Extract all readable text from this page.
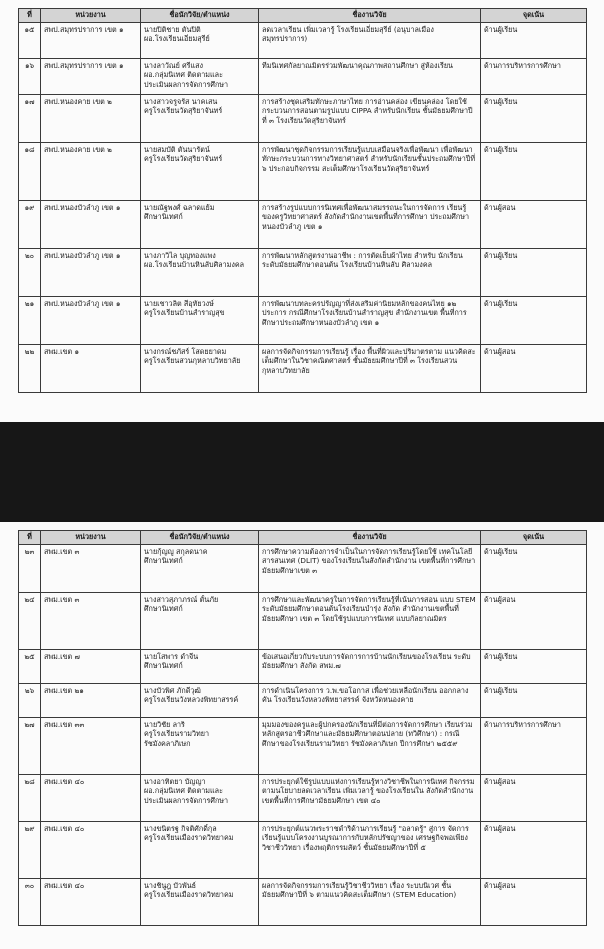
ที่	หน่วยงาน	ชื่อนักวิจัย/ตำแหน่ง	ชื่องานวิจัย	จุดเน้น
๑๕	สพป.สมุทรปราการ เขต ๑	นายปิติชาย ตันปิติ
ผอ.โรงเรียนเอี่ยมสุรีย์	ลดเวลาเรียน เพิ่มเวลารู้ โรงเรียนเอี่ยมสุรีย์ (อนุบาลเมืองสมุทรปราการ)	ด้านผู้เรียน
๑๖	สพป.สมุทรปราการ เขต ๑	นางลาวัณย์ ศรีแสง
ผอ.กลุ่มนิเทศ ติดตามและ
ประเมินผลการจัดการศึกษา	ทีมนิเทศกัลยาณมิตรร่วมพัฒนาคุณภาพสถานศึกษา สู่ห้องเรียน	ด้านการบริหารการศึกษา
๑๗	สพป.หนองคาย เขต ๒	นางสาวจรูจรัส นาคเสน
ครูโรงเรียนวัดสุริยาจันทร์	การสร้างชุดเสริมทักษะภาษาไทย การอ่านคล่อง เขียนคล่อง โดยใช้กระบวนการสอนตามรูปแบบ CIPPA สำหรับนักเรียน ชั้นมัธยมศึกษาปีที่ ๓ โรงเรียนวัดสุริยาจันทร์	ด้านผู้เรียน
๑๘	สพป.หนองคาย เขต ๒	นายสมบัติ ตันนารัตน์
ครูโรงเรียนวัดสุริยาจันทร์	การพัฒนาชุดกิจกรรมการเรียนรู้แบบเสมือนจริงเพื่อพัฒนา เพื่อพัฒนาทักษะกระบวนการทางวิทยาศาสตร์ สำหรับนักเรียนชั้นประถมศึกษาปีที่ ๖ ประกอบกิจกรรม สะเต็มศึกษาโรงเรียนวัดสุริยาจันทร์	ด้านผู้เรียน
๑๙	สพป.หนองบัวลำภู เขต ๑	นายณัฐพงศ์ ฉลาดแย้ม
ศึกษานิเทศก์	การสร้างรูปแบบการนิเทศเพื่อพัฒนาสมรรถนะในการจัดการ เรียนรู้ของครูวิทยาศาสตร์ สังกัดสำนักงานเขตพื้นที่การศึกษา ประถมศึกษาหนองบัวลำภู เขต ๑	ด้านผู้สอน
๒๐	สพป.หนองบัวลำภู เขต ๑	นางภาวิไล บุญทองแพง
ผอ.โรงเรียนบ้านหินลับศิลามงคล	การพัฒนาหลักสูตรงานอาชีพ : การตัดเย็บผ้าไทย สำหรับ นักเรียนระดับมัธยมศึกษาตอนต้น โรงเรียนบ้านหินลับ ศิลามงคล	ด้านผู้เรียน
๒๑	สพป.หนองบัวลำภู เขต ๑	นายเชาวลิต สีอุทัยวงษ์
ครูโรงเรียนบ้านสำราญสุข	การพัฒนาบทละครปรัญญาที่ส่งเสริมค่านิยมหลักของคนไทย ๑๒ ประการ กรณีศึกษาโรงเรียนบ้านสำราญสุข สำนักงานเขต พื้นที่การศึกษาประถมศึกษาหนองบัวลำภู เขต ๑	ด้านผู้เรียน
๒๒	สพม.เขต ๑	นางกรณ์ชภัสร์ โสดยยาดม
ครูโรงเรียนสวนกุหลาบวิทยาลัย	ผลการจัดกิจกรรมการเรียนรู้ เรื่อง พื้นที่ผิวและปริมาตรตาม แนวคิดสะเต็มศึกษาในวิชาคณิตศาสตร์ ชั้นมัธยมศึกษาปีที่ ๓ โรงเรียนสวนกุหลาบวิทยาลัย	ด้านผู้สอน
ที่	หน่วยงาน	ชื่อนักวิจัย/ตำแหน่ง	ชื่องานวิจัย	จุดเน้น
๒๓	สพม.เขต ๓	นายกุ้ญญู สกุลดนาค
ศึกษานิเทศก์	การศึกษาความต้องการจำเป็นในการจัดการเรียนรู้โดยใช้ เทคโนโลยีสารสนเทศ (DLIT) ของโรงเรียนในสังกัดสำนักงาน เขตพื้นที่การศึกษามัธยมศึกษาเขต ๓	ด้านผู้เรียน
๒๔	สพม.เขต ๓	นางสาวสุภาภรณ์ ตั้นภัย
ศึกษานิเทศก์	การศึกษาและพัฒนาครูในการจัดการเรียนรู้ที่เน้นการสอน แบบ STEM ระดับมัธยมศึกษาตอนต้นโรงเรียนบำรุ่ง สังกัด สำนักงานเขตพื้นที่มัธยมศึกษา เขต ๓ โดยใช้รูปแบบการนิเทศ แบบกัลยาณมิตร	ด้านผู้สอน
๒๕	สพม.เขต ๗	นายโสพาร ดำจีน
ศึกษานิเทศก์	ข้อเสนอเกี่ยวกับระบบการจัดการการบ้านนักเรียนของโรงเรียน ระดับมัธยมศึกษา สังกัด สพม.๗	ด้านผู้เรียน
๒๖	สพม.เขต ๒๑	นางบัวพิศ ภักดีวุฒิ
ครูโรงเรียนวังหลวงพิทยาสรรค์	การดำเนินโครงการ ว.พ.ขอโอกาส เพื่อช่วยเหลือนักเรียน ออกกลางคัน โรงเรียนวังหลวงพิทยาสรรค์ จังหวัดหนองคาย	ด้านผู้เรียน
๒๗	สพม.เขต ๓๓	นายวิชัย ลาริ
ครูโรงเรียนรามวิทยา
รัชมังคลาภิเษก	มุมมองของครูและผู้ปกครองนักเรียนที่มีต่อการจัดการศึกษา เรียนร่วมหลักสูตรอาชีวศึกษาและมัธยมศึกษาตอนปลาย (ทวิศึกษา) : กรณีศึกษาของโรงเรียนรามวิทยา รัชมังคลาภิเษก ปีการศึกษา ๒๕๕๙	ด้านการบริหารการศึกษา
๒๘	สพม.เขต ๔๐	นางอาทิตยา บัญญา
ผอ.กลุ่มนิเทศ ติดตามและ
ประเมินผลการจัดการศึกษา	การประยุกต์ใช้รูปแบบแห่งการเรียนรู้ทางวิชาชีพในการนิเทศ กิจกรรมตามนโยบายลดเวลาเรียน เพิ่มเวลารู้ ของโรงเรียนใน สังกัดสำนักงานเขตพื้นที่การศึกษามัธยมศึกษา เขต ๔๐	ด้านผู้สอน
๒๙	สพม.เขต ๔๐	นางขนิตรฐ กิจติศักดิ์กุล
ครูโรงเรียนเมืองราดวิทยาคม	การประยุกต์แนวพระราชดำริด้านการเรียนรู้ "อลาดรู้" สู่การ จัดการเรียนรู้แบบโครงงานบูรณาการกับหลักปรัชญาของ เศรษฐกิจพอเพียง วิชาชีววิทยา เรื่องพฤติกรรมสัตว์ ชั้นมัธยมศึกษาปีที่ ๕	ด้านผู้สอน
๓๐	สพม.เขต ๔๐	นางชินูฎ บัวพันธ์
ครูโรงเรียนเมืองราดวิทยาคม	ผลการจัดกิจกรรมการเรียนรู้วิชาชีววิทยา เรื่อง ระบบนิเวศ ชั้นมัธยมศึกษาปีที่ ๖ ตามแนวคิดสะเต็มศึกษา (STEM Education)	ด้านผู้สอน
